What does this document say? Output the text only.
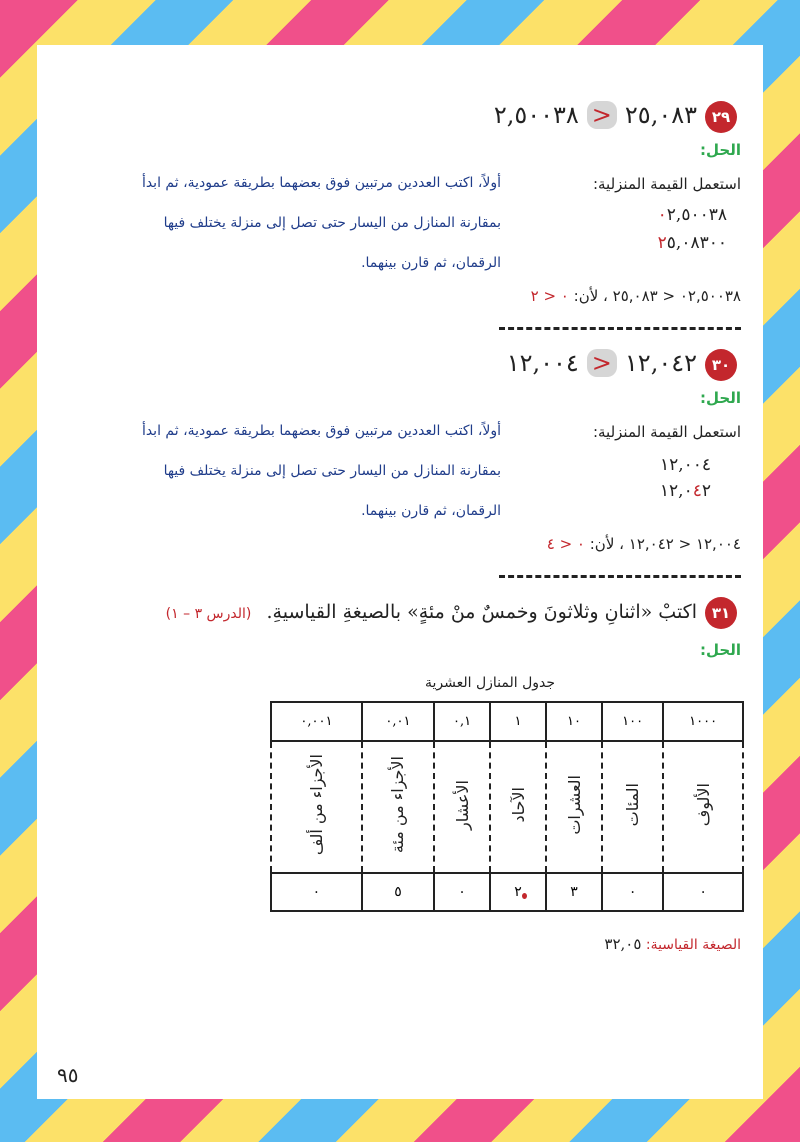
٢٩
٢٥,٠٨٣>٢,٥٠٠٣٨
الحل:
استعمل القيمة المنزلية:
أولاً، اكتب العددين مرتبين فوق بعضهما بطريقة عمودية، ثم ابدأ
بمقارنة المنازل من اليسار حتى تصل إلى منزلة يختلف فيها
الرقمان، ثم قارن بينهما.
٠٢,٥٠٠٣٨
٢٥,٠٨٣٠٠
٠٢,٥٠٠٣٨ < ٢٥,٠٨٣ ، لأن: ٠ < ٢
٣٠
١٢,٠٤٢>١٢,٠٠٤
الحل:
استعمل القيمة المنزلية:
أولاً، اكتب العددين مرتبين فوق بعضهما بطريقة عمودية، ثم ابدأ
بمقارنة المنازل من اليسار حتى تصل إلى منزلة يختلف فيها
الرقمان، ثم قارن بينهما.
١٢,٠٠٤
١٢,٠٤٢
١٢,٠٠٤ < ١٢,٠٤٢ ، لأن: ٠ < ٤
٣١
اكتبْ «اثنانِ وثلاثونَ وخمسٌ منْ مئةٍ» بالصيغةِ القياسيةِ. (الدرس ٣ – ١)
الحل:
جدول المنازل العشرية
١٠٠٠	١٠٠	١٠	١	٠,١	٠,٠١	٠,٠٠١
الألوف	المئات	العشرات	الآحاد	الأعشار	الأجزاء من مئة	الأجزاء من ألف
٠	٠	٣	٢	٠	٥	٠
الصيغة القياسية: ٣٢,٠٥
٩٥
